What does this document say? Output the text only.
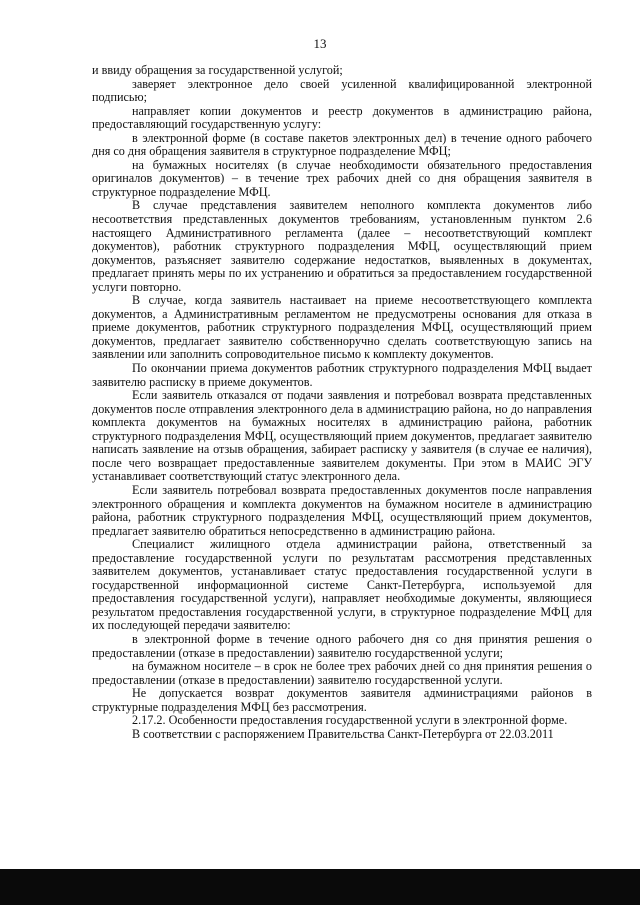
13

и ввиду обращения за государственной услугой;

заверяет электронное дело своей усиленной квалифицированной электронной подписью;

направляет копии документов и реестр документов в администрацию района, предоставляющий государственную услугу:

в электронной форме (в составе пакетов электронных дел) в течение одного рабочего дня со дня обращения заявителя в структурное подразделение МФЦ;

на бумажных носителях (в случае необходимости обязательного предоставления оригиналов документов) – в течение трех рабочих дней со дня обращения заявителя в структурное подразделение МФЦ.

В случае представления заявителем неполного комплекта документов либо несоответствия представленных документов требованиям, установленным пунктом 2.6 настоящего Административного регламента (далее – несоответствующий комплект документов), работник структурного подразделения МФЦ, осуществляющий прием документов, разъясняет заявителю содержание недостатков, выявленных в документах, предлагает принять меры по их устранению и обратиться за предоставлением государственной услуги повторно.

В случае, когда заявитель настаивает на приеме несоответствующего комплекта документов, а Административным регламентом не предусмотрены основания для отказа в приеме документов, работник структурного подразделения МФЦ, осуществляющий прием документов, предлагает заявителю собственноручно сделать соответствующую запись на заявлении или заполнить сопроводительное письмо к комплекту документов.

По окончании приема документов работник структурного подразделения МФЦ выдает заявителю расписку в приеме документов.

Если заявитель отказался от подачи заявления и потребовал возврата представленных документов после отправления электронного дела в администрацию района, но до направления комплекта документов на бумажных носителях в администрацию района, работник структурного подразделения МФЦ, осуществляющий прием документов, предлагает заявителю написать заявление на отзыв обращения, забирает расписку у заявителя (в случае ее наличия), после чего возвращает предоставленные заявителем документы. При этом в МАИС ЭГУ устанавливает соответствующий статус электронного дела.

Если заявитель потребовал возврата предоставленных документов после направления электронного обращения и комплекта документов на бумажном носителе в администрацию района, работник структурного подразделения МФЦ, осуществляющий прием документов, предлагает заявителю обратиться непосредственно в администрацию района.

Специалист жилищного отдела администрации района, ответственный за предоставление государственной услуги по результатам рассмотрения представленных заявителем документов, устанавливает статус предоставления государственной услуги в государственной информационной системе Санкт-Петербурга, используемой для предоставления государственной услуги), направляет необходимые документы, являющиеся результатом предоставления государственной услуги, в структурное подразделение МФЦ для их последующей передачи заявителю:

в электронной форме в течение одного рабочего дня со дня принятия решения о предоставлении (отказе в предоставлении) заявителю государственной услуги;

на бумажном носителе – в срок не более трех рабочих дней со дня принятия решения о предоставлении (отказе в предоставлении) заявителю государственной услуги.

Не допускается возврат документов заявителя администрациями районов в структурные подразделения МФЦ без рассмотрения.

2.17.2. Особенности предоставления государственной услуги в электронной форме.

В соответствии с распоряжением Правительства Санкт-Петербурга от 22.03.2011
